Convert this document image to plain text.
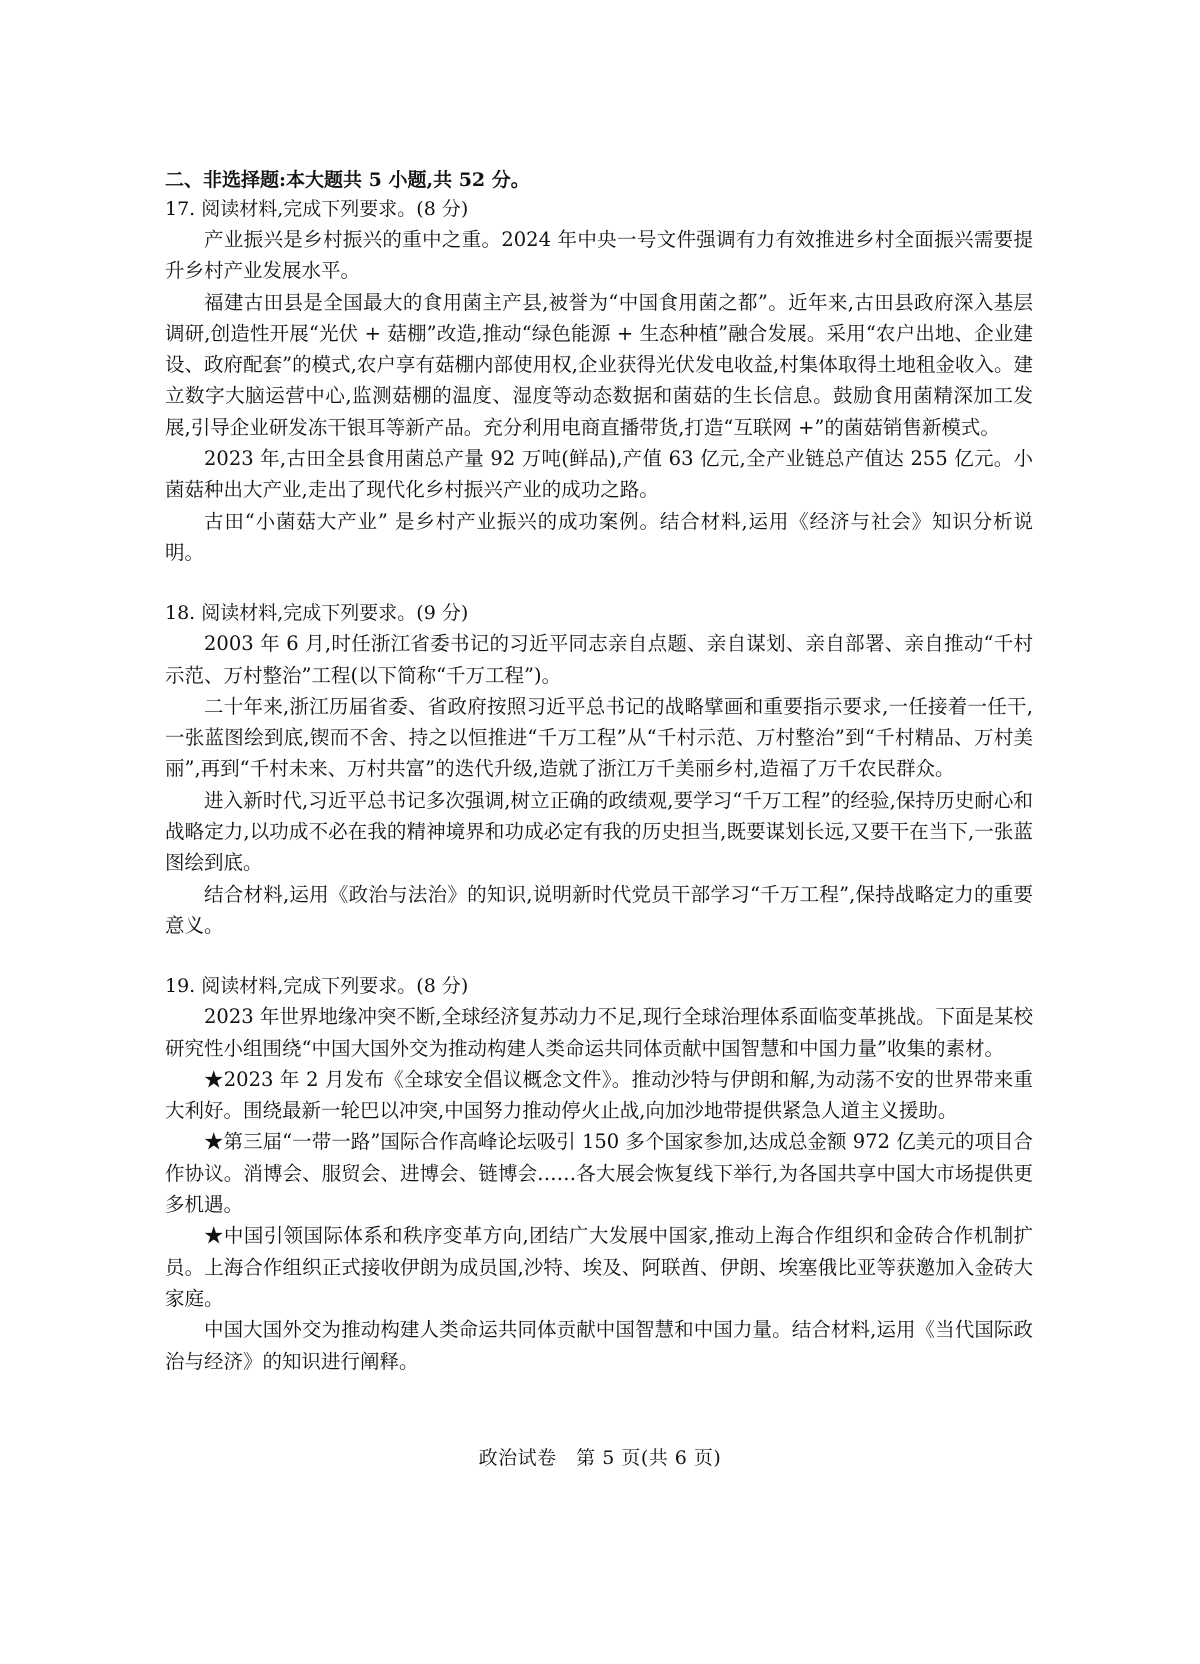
二、非选择题:本大题共 5 小题,共 52 分。

17. 阅读材料,完成下列要求。(8 分)

产业振兴是乡村振兴的重中之重。2024 年中央一号文件强调有力有效推进乡村全面振兴需要提升乡村产业发展水平。

福建古田县是全国最大的食用菌主产县,被誉为“中国食用菌之都”。近年来,古田县政府深入基层调研,创造性开展“光伏 + 菇棚”改造,推动“绿色能源 + 生态种植”融合发展。采用“农户出地、企业建设、政府配套”的模式,农户享有菇棚内部使用权,企业获得光伏发电收益,村集体取得土地租金收入。建立数字大脑运营中心,监测菇棚的温度、湿度等动态数据和菌菇的生长信息。鼓励食用菌精深加工发展,引导企业研发冻干银耳等新产品。充分利用电商直播带货,打造“互联网 +”的菌菇销售新模式。

2023 年,古田全县食用菌总产量 92 万吨(鲜品),产值 63 亿元,全产业链总产值达 255 亿元。小菌菇种出大产业,走出了现代化乡村振兴产业的成功之路。

古田“小菌菇大产业” 是乡村产业振兴的成功案例。结合材料,运用《经济与社会》知识分析说明。

18. 阅读材料,完成下列要求。(9 分)

2003 年 6 月,时任浙江省委书记的习近平同志亲自点题、亲自谋划、亲自部署、亲自推动“千村示范、万村整治”工程(以下简称“千万工程”)。

二十年来,浙江历届省委、省政府按照习近平总书记的战略擘画和重要指示要求,一任接着一任干,一张蓝图绘到底,锲而不舍、持之以恒推进“千万工程”从“千村示范、万村整治”到“千村精品、万村美丽”,再到“千村未来、万村共富”的迭代升级,造就了浙江万千美丽乡村,造福了万千农民群众。

进入新时代,习近平总书记多次强调,树立正确的政绩观,要学习“千万工程”的经验,保持历史耐心和战略定力,以功成不必在我的精神境界和功成必定有我的历史担当,既要谋划长远,又要干在当下,一张蓝图绘到底。

结合材料,运用《政治与法治》的知识,说明新时代党员干部学习“千万工程”,保持战略定力的重要意义。

19. 阅读材料,完成下列要求。(8 分)

2023 年世界地缘冲突不断,全球经济复苏动力不足,现行全球治理体系面临变革挑战。下面是某校研究性小组围绕“中国大国外交为推动构建人类命运共同体贡献中国智慧和中国力量”收集的素材。

★2023 年 2 月发布《全球安全倡议概念文件》。推动沙特与伊朗和解,为动荡不安的世界带来重大利好。围绕最新一轮巴以冲突,中国努力推动停火止战,向加沙地带提供紧急人道主义援助。

★第三届“一带一路”国际合作高峰论坛吸引 150 多个国家参加,达成总金额 972 亿美元的项目合作协议。消博会、服贸会、进博会、链博会……各大展会恢复线下举行,为各国共享中国大市场提供更多机遇。

★中国引领国际体系和秩序变革方向,团结广大发展中国家,推动上海合作组织和金砖合作机制扩员。上海合作组织正式接收伊朗为成员国,沙特、埃及、阿联酋、伊朗、埃塞俄比亚等获邀加入金砖大家庭。

中国大国外交为推动构建人类命运共同体贡献中国智慧和中国力量。结合材料,运用《当代国际政治与经济》的知识进行阐释。

政治试卷　第 5 页(共 6 页)
